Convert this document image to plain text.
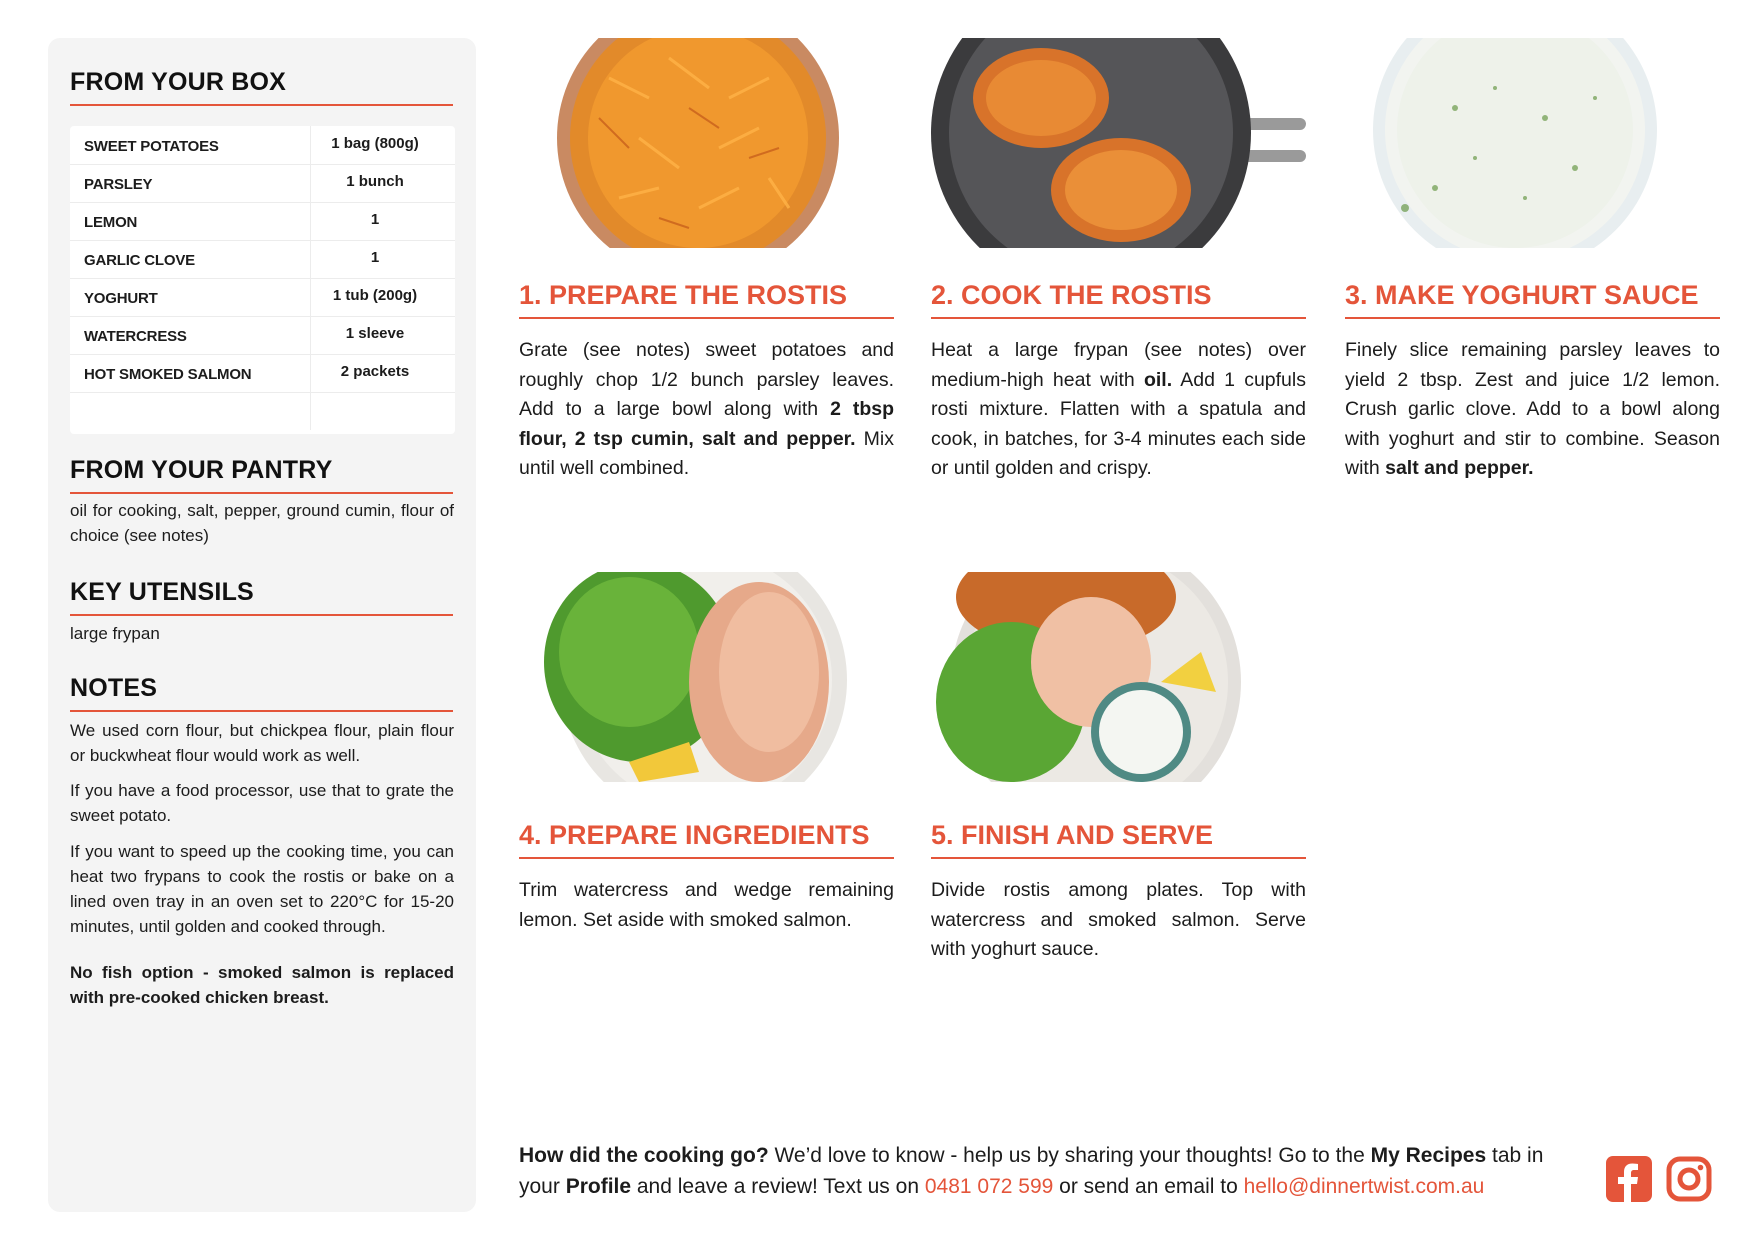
FROM YOUR BOX
SWEET POTATOES	1 bag (800g)
PARSLEY	1 bunch
LEMON	1
GARLIC CLOVE	1
YOGHURT	1 tub (200g)
WATERCRESS	1 sleeve
HOT SMOKED SALMON	2 packets
FROM YOUR PANTRY
oil for cooking, salt, pepper, ground cumin, flour of choice (see notes)
KEY UTENSILS
large frypan
NOTES
We used corn flour, but chickpea flour, plain flour or buckwheat flour would work as well.
If you have a food processor, use that to grate the sweet potato.
If you want to speed up the cooking time, you can heat two frypans to cook the rostis or bake on a lined oven tray in an oven set to 220°C for 15-20 minutes, until golden and cooked through.
No fish option - smoked salmon is replaced with pre-cooked chicken breast.
1. PREPARE THE ROSTIS
Grate (see notes) sweet potatoes and roughly chop 1/2 bunch parsley leaves. Add to a large bowl along with 2 tbsp flour, 2 tsp cumin, salt and pepper. Mix until well combined.
2. COOK THE ROSTIS
Heat a large frypan (see notes) over medium-high heat with oil. Add 1 cupfuls rosti mixture. Flatten with a spatula and cook, in batches, for 3-4 minutes each side or until golden and crispy.
3. MAKE YOGHURT SAUCE
Finely slice remaining parsley leaves to yield 2 tbsp. Zest and juice 1/2 lemon. Crush garlic clove. Add to a bowl along with yoghurt and stir to combine. Season with salt and pepper.
4. PREPARE INGREDIENTS
Trim watercress and wedge remaining lemon. Set aside with smoked salmon.
5. FINISH AND SERVE
Divide rostis among plates. Top with watercress and smoked salmon. Serve with yoghurt sauce.
How did the cooking go? We’d love to know - help us by sharing your thoughts! Go to the My Recipes tab in your Profile and leave a review! Text us on 0481 072 599 or send an email to hello@dinnertwist.com.au
